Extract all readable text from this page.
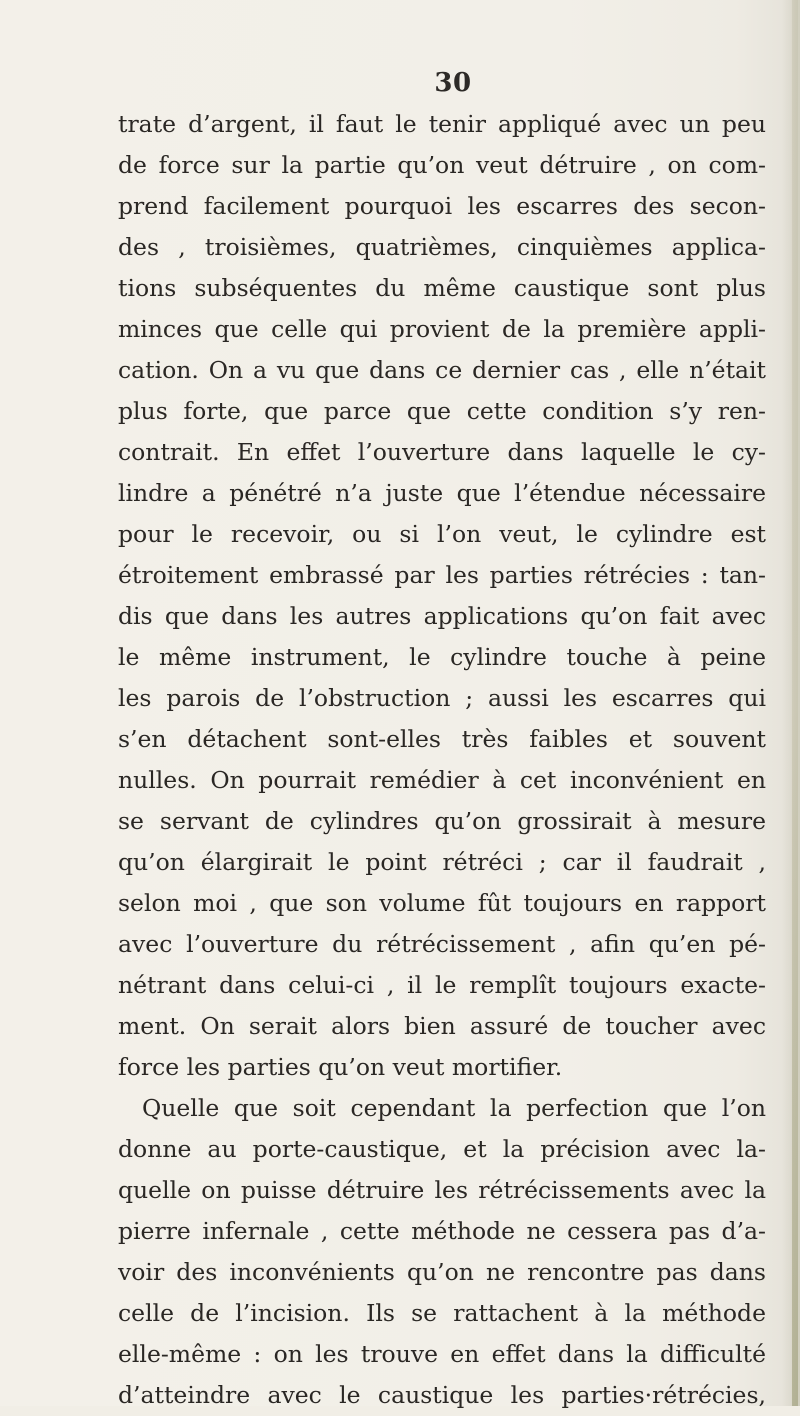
30
trate d’argent, il faut le tenir appliqué avec un peu
de force sur la partie qu’on veut détruire , on com-
prend facilement pourquoi les escarres des secon-
des , troisièmes, quatrièmes, cinquièmes applica-
tions subséquentes du même caustique sont plus
minces que celle qui provient de la première appli-
cation. On a vu que dans ce dernier cas , elle n’était
plus forte, que parce que cette condition s’y ren-
contrait. En effet l’ouverture dans laquelle le cy-
lindre a pénétré n’a juste que l’étendue nécessaire
pour le recevoir, ou si l’on veut, le cylindre est
étroitement embrassé par les parties rétrécies : tan-
dis que dans les autres applications qu’on fait avec
le même instrument, le cylindre touche à peine
les parois de l’obstruction ; aussi les escarres qui
s’en détachent sont-elles très faibles et souvent
nulles. On pourrait remédier à cet inconvénient en
se servant de cylindres qu’on grossirait à mesure
qu’on élargirait le point rétréci ; car il faudrait ,
selon moi , que son volume fût toujours en rapport
avec l’ouverture du rétrécissement , afin qu’en pé-
nétrant dans celui-ci , il le remplît toujours exacte-
ment. On serait alors bien assuré de toucher avec
force les parties qu’on veut mortifier.
Quelle que soit cependant la perfection que l’on
donne au porte-caustique, et la précision avec la-
quelle on puisse détruire les rétrécissements avec la
pierre infernale , cette méthode ne cessera pas d’a-
voir des inconvénients qu’on ne rencontre pas dans
celle de l’incision. Ils se rattachent à la méthode
elle-même : on les trouve en effet dans la difficulté
d’atteindre avec le caustique les parties·rétrécies,
